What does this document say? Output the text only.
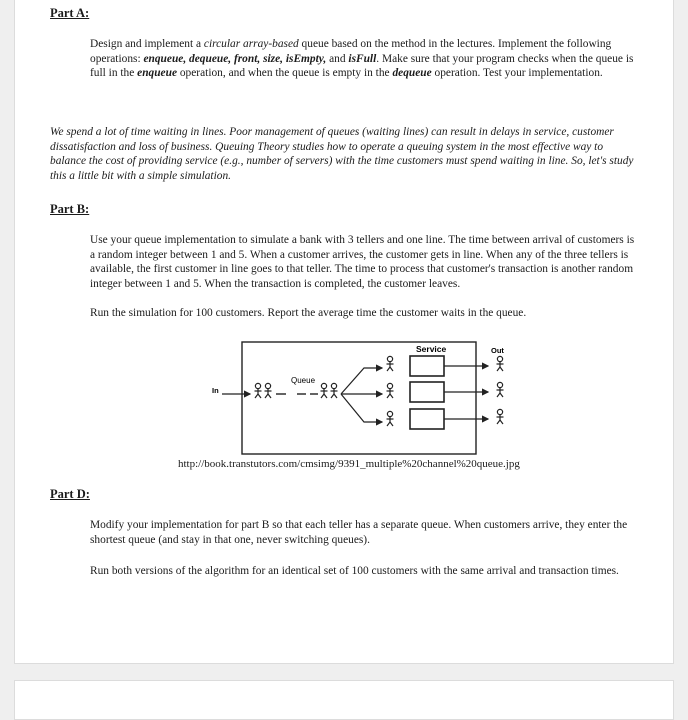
Part A:

Design and implement a circular array-based queue based on the method in the lectures. Implement the following operations: enqueue, dequeue, front, size, isEmpty, and isFull. Make sure that your program checks when the queue is full in the enqueue operation, and when the queue is empty in the dequeue operation. Test your implementation.

We spend a lot of time waiting in lines. Poor management of queues (waiting lines) can result in delays in service, customer dissatisfaction and loss of business. Queuing Theory studies how to operate a queuing system in the most effective way to balance the cost of providing service (e.g., number of servers) with the time customers must spend waiting in line. So, let's study this a little bit with a simple simulation.

Part B:

Use your queue implementation to simulate a bank with 3 tellers and one line. The time between arrival of customers is a random integer between 1 and 5. When a customer arrives, the customer gets in line. When any of the three tellers is available, the first customer in line goes to that teller. The time to process that customer's transaction is another random integer between 1 and 5. When the transaction is completed, the customer leaves.

Run the simulation for 100 customers. Report the average time the customer waits in the queue.

In
Queue
Service	Out
http://book.transtutors.com/cmsimg/9391_multiple%20channel%20queue.jpg
Part D:

Modify your implementation for part B so that each teller has a separate queue. When customers arrive, they enter the shortest queue (and stay in that one, never switching queues).

Run both versions of the algorithm for an identical set of 100 customers with the same arrival and transaction times.
